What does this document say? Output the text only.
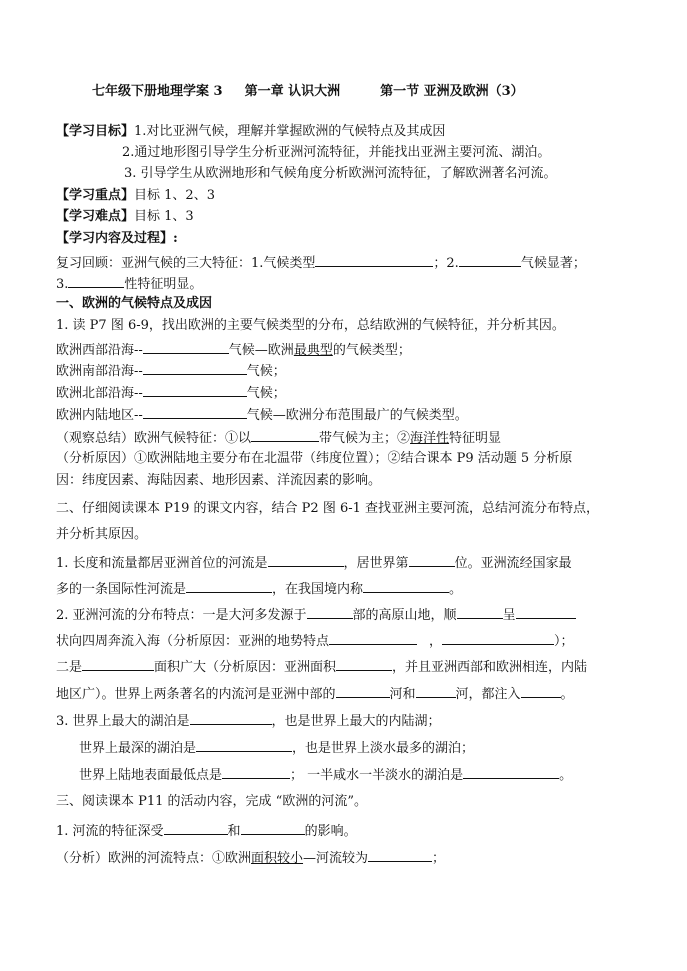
七年级下册地理学案 3 第一章 认识大洲	第一节 亚洲及欧洲（3）
【学习目标】1.对比亚洲气候，理解并掌握欧洲的气候特点及其成因
2.通过地形图引导学生分析亚洲河流特征，并能找出亚洲主要河流、湖泊。
3. 引导学生从欧洲地形和气候角度分析欧洲河流特征，了解欧洲著名河流。
【学习重点】目标 1、2、3
【学习难点】目标 1、3
【学习内容及过程】:
复习回顾：亚洲气候的三大特征：1.气候类型	；2.	气候显著；
3.	性特征明显。
一、欧洲的气候特点及成因
1. 读 P7 图 6-9，找出欧洲的主要气候类型的分布，总结欧洲的气候特征，并分析其因。
欧洲西部沿海--	气候—欧洲最典型的气候类型；
欧洲南部沿海--	气候；
欧洲北部沿海--	气候；
欧洲内陆地区--	气候—欧洲分布范围最广的气候类型。
（观察总结）欧洲气候特征：①以	带气候为主；②海洋性特征明显
（分析原因）①欧洲陆地主要分布在北温带（纬度位置）；②结合课本 P9 活动题 5 分析原
因：纬度因素、海陆因素、地形因素、洋流因素的影响。
二、仔细阅读课本 P19 的课文内容，结合 P2 图 6-1 查找亚洲主要河流，总结河流分布特点，
并分析其原因。
1. 长度和流量都居亚洲首位的河流是	，居世界第	位。亚洲流经国家最
多的一条国际性河流是	，在我国境内称	。
2. 亚洲河流的分布特点：一是大河多发源于	部的高原山地，顺	呈
状向四周奔流入海（分析原因：亚洲的地势特点	，	）；
二是	面积广大（分析原因：亚洲面积	，并且亚洲西部和欧洲相连，内陆
地区广）。世界上两条著名的内流河是亚洲中部的	河和	河，都注入	。
3. 世界上最大的湖泊是	，也是世界上最大的内陆湖；
世界上最深的湖泊是	，也是世界上淡水最多的湖泊；
世界上陆地表面最低点是	； 一半咸水一半淡水的湖泊是	。
三、阅读课本 P11 的活动内容，完成 “欧洲的河流”。
1. 河流的特征深受	和	的影响。
（分析）欧洲的河流特点：①欧洲面积较小—河流较为	；
